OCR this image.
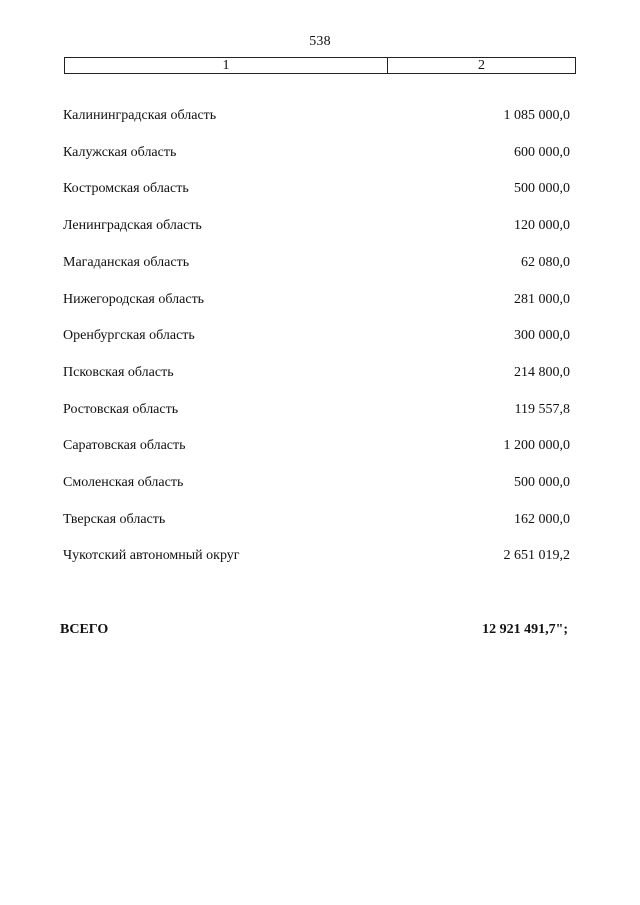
538
1	2
Калининградская область	1 085 000,0
Калужская область	600 000,0
Костромская область	500 000,0
Ленинградская область	120 000,0
Магаданская область	62 080,0
Нижегородская область	281 000,0
Оренбургская область	300 000,0
Псковская область	214 800,0
Ростовская область	119 557,8
Саратовская область	1 200 000,0
Смоленская область	500 000,0
Тверская область	162 000,0
Чукотский автономный округ	2 651 019,2
ВСЕГО	12 921 491,7";
